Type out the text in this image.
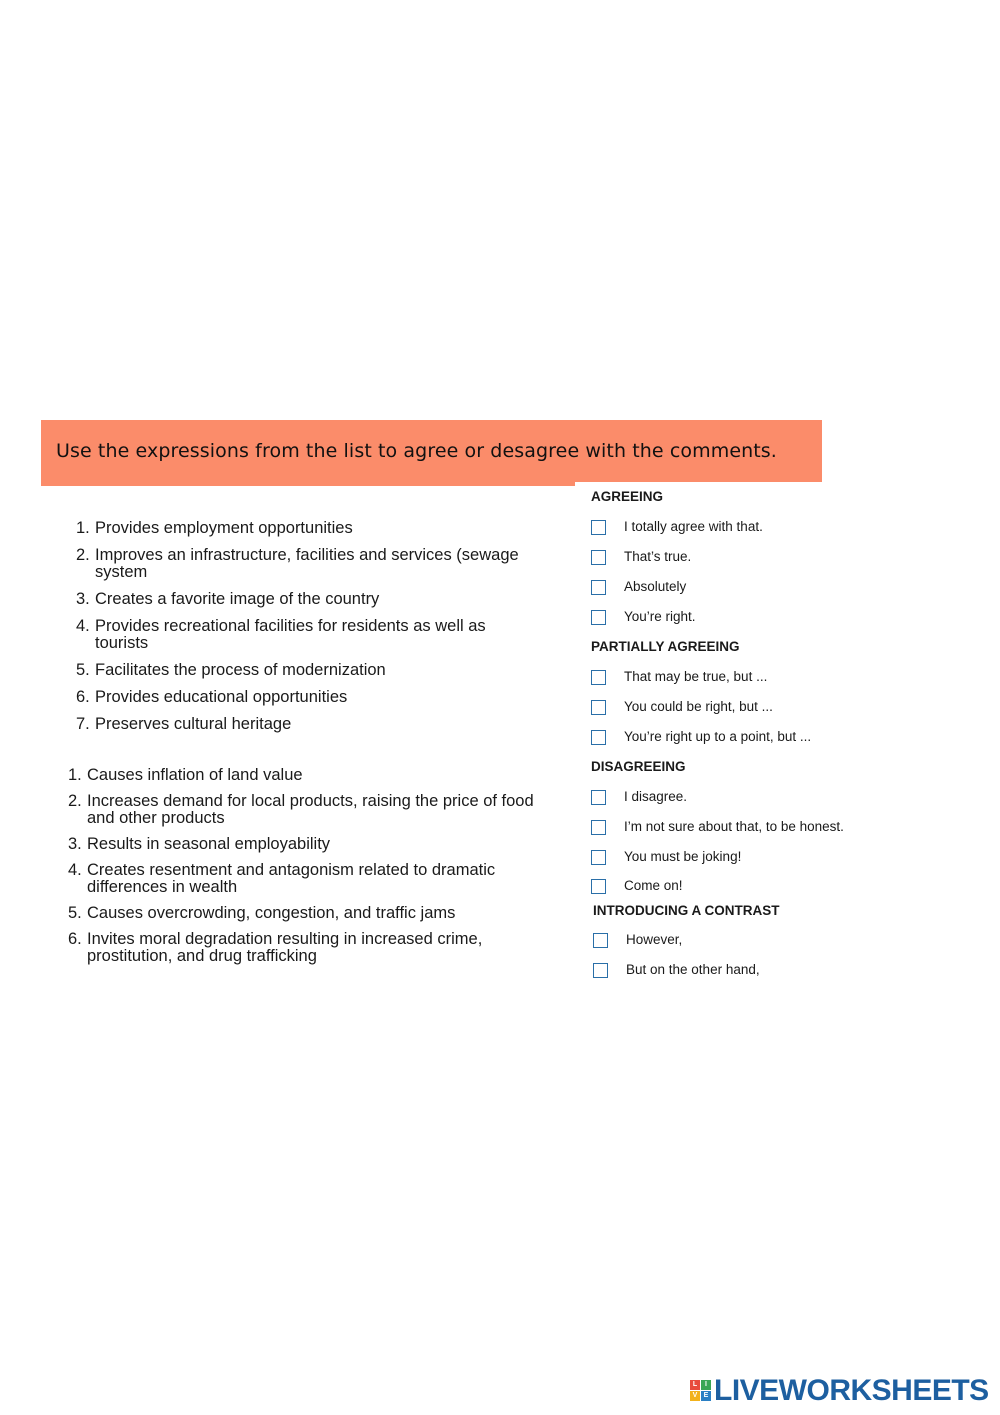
Use the expressions from the list to agree or desagree with the comments.
1. Provides employment opportunities
2. Improves an infrastructure, facilities and services (sewage system
3. Creates a favorite image of the country
4. Provides recreational facilities for residents as well as tourists
5. Facilitates the process of modernization
6. Provides educational opportunities
7. Preserves cultural heritage
1. Causes inflation of land value
2. Increases demand for local products, raising the price of food and other products
3. Results in seasonal employability
4. Creates resentment and antagonism related to dramatic differences in wealth
5. Causes overcrowding, congestion, and traffic jams
6. Invites moral degradation resulting in increased crime, prostitution, and drug trafficking
AGREEING
I totally agree with that.
That’s true.
Absolutely
You’re right.
PARTIALLY AGREEING
That may be true, but ...
You could be right, but ...
You’re right up to a point, but ...
DISAGREEING
I disagree.
I’m not sure about that, to be honest.
You must be joking!
Come on!
INTRODUCING A CONTRAST
However,
But on the other hand,
L	I
V E LIVEWORKSHEETS
